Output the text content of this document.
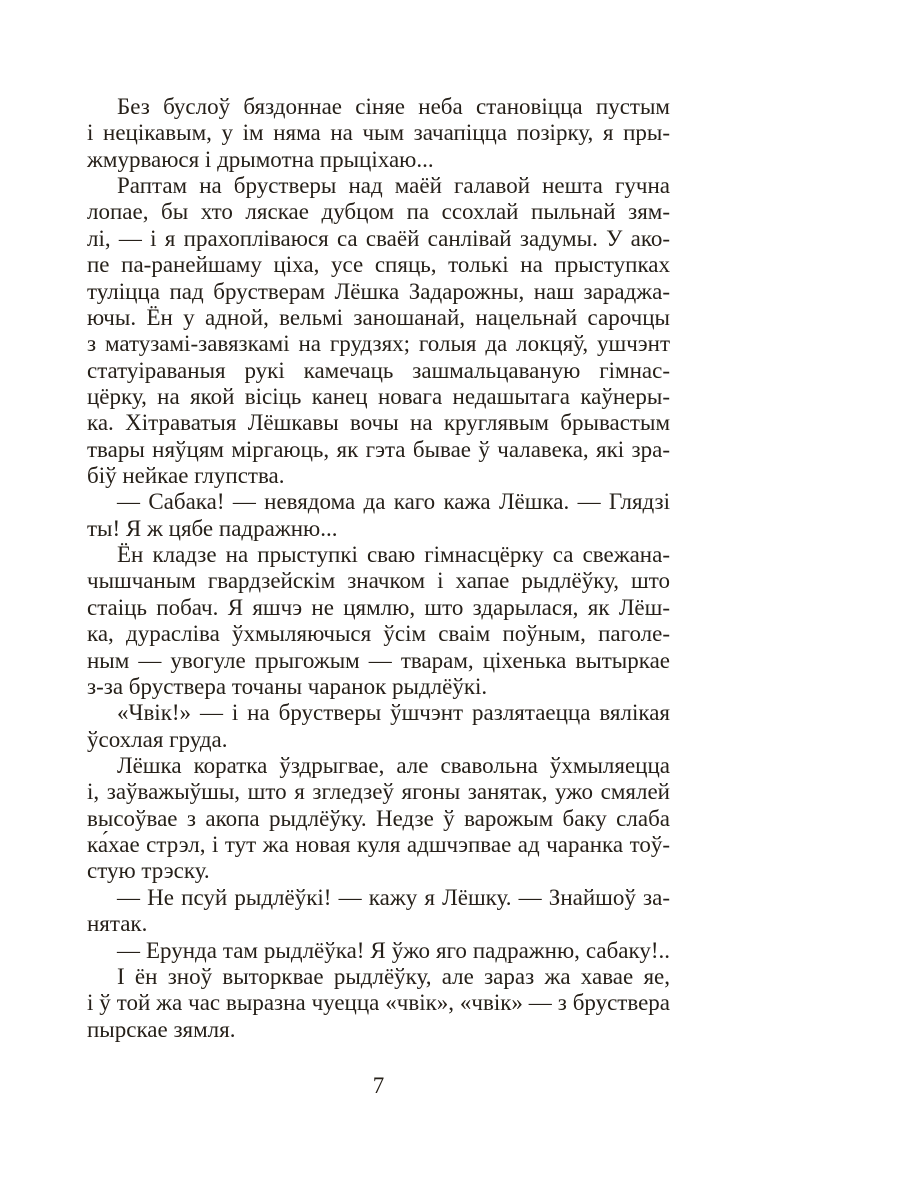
Без буслоў бяздоннае сіняе неба становіцца пустым
і нецікавым, у ім няма на чым зачапіцца позірку, я пры-
жмурваюся і дрымотна прыціхаю...
Раптам на брустверы над маёй галавой нешта гучна
лопае, бы хто ляскае дубцом па ссохлай пыльнай зям-
лі, — і я прахопліваюся са сваёй санлівай задумы. У ако-
пе па-ранейшаму ціха, усе спяць, толькі на прыступках
туліцца пад брустверам Лёшка Задарожны, наш зараджа-
ючы. Ён у адной, вельмі заношанай, нацельнай сарочцы
з матузамі-завязкамі на грудзях; голыя да локцяў, ушчэнт
статуіраваныя рукі камечаць зашмальцаваную гімнас-
цёрку, на якой вісіць канец новага недашытага каўнеры-
ка. Хітраватыя Лёшкавы вочы на круглявым брывастым
твары няўцям міргаюць, як гэта бывае ў чалавека, які зра-
біў нейкае глупства.
— Сабака! — невядома да каго кажа Лёшка. — Глядзі
ты! Я ж цябе падражню...
Ён кладзе на прыступкі сваю гімнасцёрку са свежана-
чышчаным гвардзейскім значком і хапае рыдлёўку, што
стаіць побач. Я яшчэ не цямлю, што здарылася, як Лёш-
ка, дурасліва ўхмыляючыся ўсім сваім поўным, паголе-
ным — увогуле прыгожым — тварам, ціхенька вытыркае
з-за бруствера точаны чаранок рыдлёўкі.
«Чвік!» — і на брустверы ўшчэнт разлятаецца вялікая
ўсохлая груда.
Лёшка коратка ўздрыгвае, але свавольна ўхмыляецца
і, заўважыўшы, што я згледзеў ягоны занятак, ужо смялей
высоўвае з акопа рыдлёўку. Недзе ў варожым баку слаба
ка́хае стрэл, і тут жа новая куля адшчэпвае ад чаранка тоў-
стую трэску.
— Не псуй рыдлёўкі! — кажу я Лёшку. — Знайшоў за-
нятак.
— Ерунда там рыдлёўка! Я ўжо яго падражню, сабаку!..
І ён зноў выторквае рыдлёўку, але зараз жа хавае яе,
і ў той жа час выразна чуецца «чвік», «чвік» — з бруствера
пырскае зямля.
7
